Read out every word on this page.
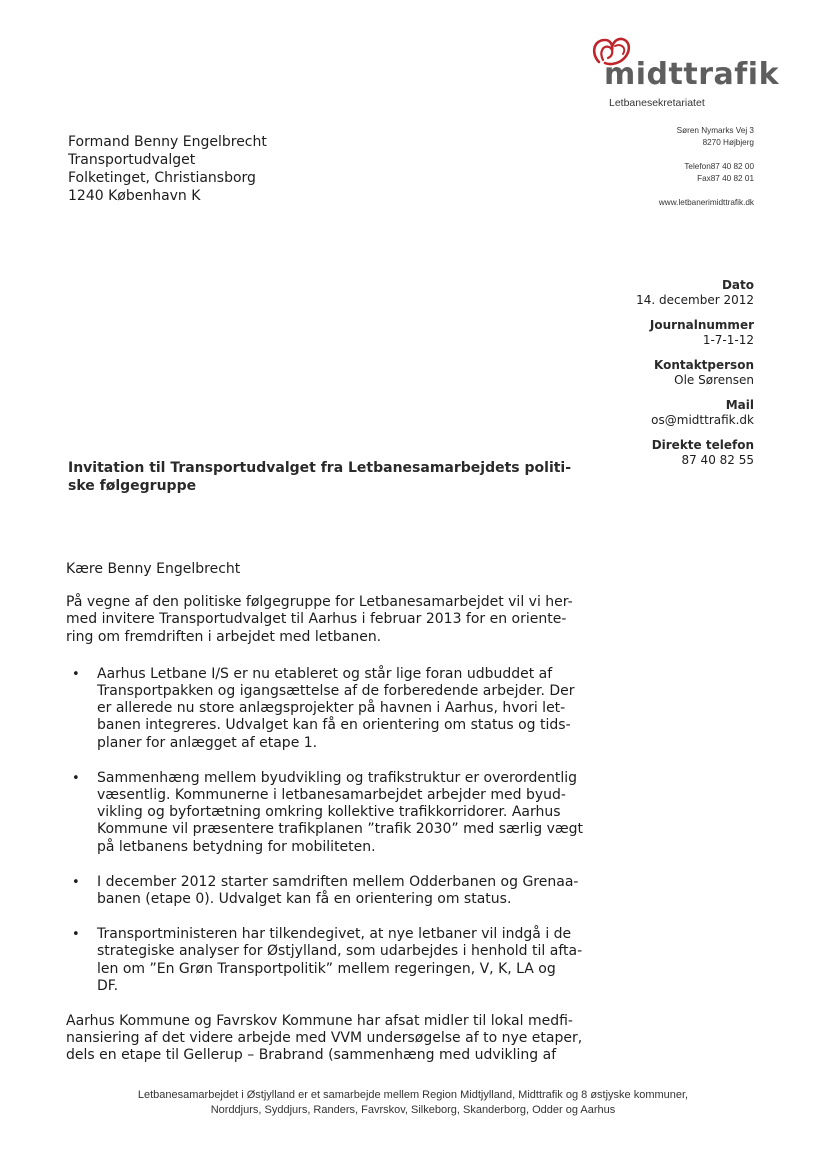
midttrafik
Letbanesekretariatet
Søren Nymarks Vej 3
8270 Højbjerg
Telefon87 40 82 00
Fax87 40 82 01
www.letbanerimidttrafik.dk
Formand Benny Engelbrecht
Transportudvalget
Folketinget, Christiansborg
1240 København K
Dato
14. december 2012
Journalnummer
1-7-1-12
Kontaktperson
Ole Sørensen
Mail
os@midttrafik.dk
Direkte telefon
87 40 82 55
Invitation til Transportudvalget fra Letbanesamarbejdets politi-
ske følgegruppe

Kære Benny Engelbrecht

På vegne af den politiske følgegruppe for Letbanesamarbejdet vil vi her-
med invitere Transportudvalget til Aarhus i februar 2013 for en oriente-
ring om fremdriften i arbejdet med letbanen.
• Aarhus Letbane I/S er nu etableret og står lige foran udbuddet af
Transportpakken og igangsættelse af de forberedende arbejder. Der
er allerede nu store anlægsprojekter på havnen i Aarhus, hvori let-
banen integreres. Udvalget kan få en orientering om status og tids-
planer for anlægget af etape 1.
• Sammenhæng mellem byudvikling og trafikstruktur er overordentlig
væsentlig. Kommunerne i letbanesamarbejdet arbejder med byud-
vikling og byfortætning omkring kollektive trafikkorridorer. Aarhus
Kommune vil præsentere trafikplanen ”trafik 2030” med særlig vægt
på letbanens betydning for mobiliteten.
• I december 2012 starter samdriften mellem Odderbanen og Grenaa-
banen (etape 0). Udvalget kan få en orientering om status.
• Transportministeren har tilkendegivet, at nye letbaner vil indgå i de
strategiske analyser for Østjylland, som udarbejdes i henhold til afta-
len om ”En Grøn Transportpolitik” mellem regeringen, V, K, LA og
DF.
Aarhus Kommune og Favrskov Kommune har afsat midler til lokal medfi-
nansiering af det videre arbejde med VVM undersøgelse af to nye etaper,
dels en etape til Gellerup – Brabrand (sammenhæng med udvikling af
Letbanesamarbejdet i Østjylland er et samarbejde mellem Region Midtjylland, Midttrafik og 8 østjyske kommuner,
Norddjurs, Syddjurs, Randers, Favrskov, Silkeborg, Skanderborg, Odder og Aarhus
